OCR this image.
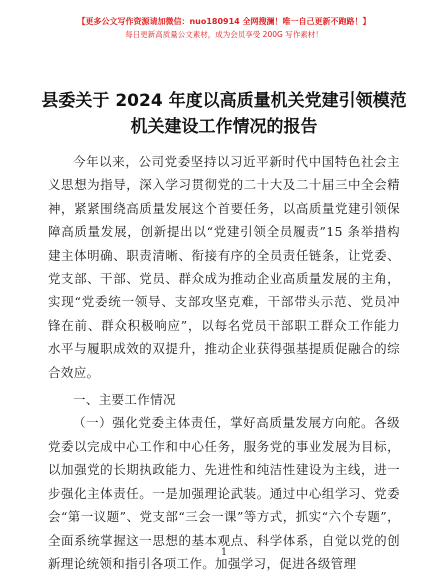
【更多公文写作资源请加微信：nuo180914 全网搜澜！唯一自己更新不跑路！】
每日更新高质量公文素材，成为会员享受 200G 写作素材！
县委关于 2024 年度以高质量机关党建引领模范
机关建设工作情况的报告

今年以来，公司党委坚持以习近平新时代中国特色社会主义思想为指导，深入学习贯彻党的二十大及二十届三中全会精神，紧紧围绕高质量发展这个首要任务，以高质量党建引领保障高质量发展，创新提出以“党建引领全员履责”15 条举措构建主体明确、职责清晰、衔接有序的全员责任链条，让党委、党支部、干部、党员、群众成为推动企业高质量发展的主角，实现“党委统一领导、支部攻坚克难，干部带头示范、党员冲锋在前、群众积极响应”，以每名党员干部职工群众工作能力水平与履职成效的双提升，推动企业获得强基提质促融合的综合效应。

一、主要工作情况

（一）强化党委主体责任，掌好高质量发展方向舵。各级党委以完成中心工作和中心任务，服务党的事业发展为目标，以加强党的长期执政能力、先进性和纯洁性建设为主线，进一步强化主体责任。一是加强理论武装。通过中心组学习、党委会“第一议题”、党支部“三会一课”等方式，抓实“六个专题”，全面系统掌握这一思想的基本观点、科学体系，自觉以党的创新理论统领和指引各项工作。加强学习，促进各级管理

1
